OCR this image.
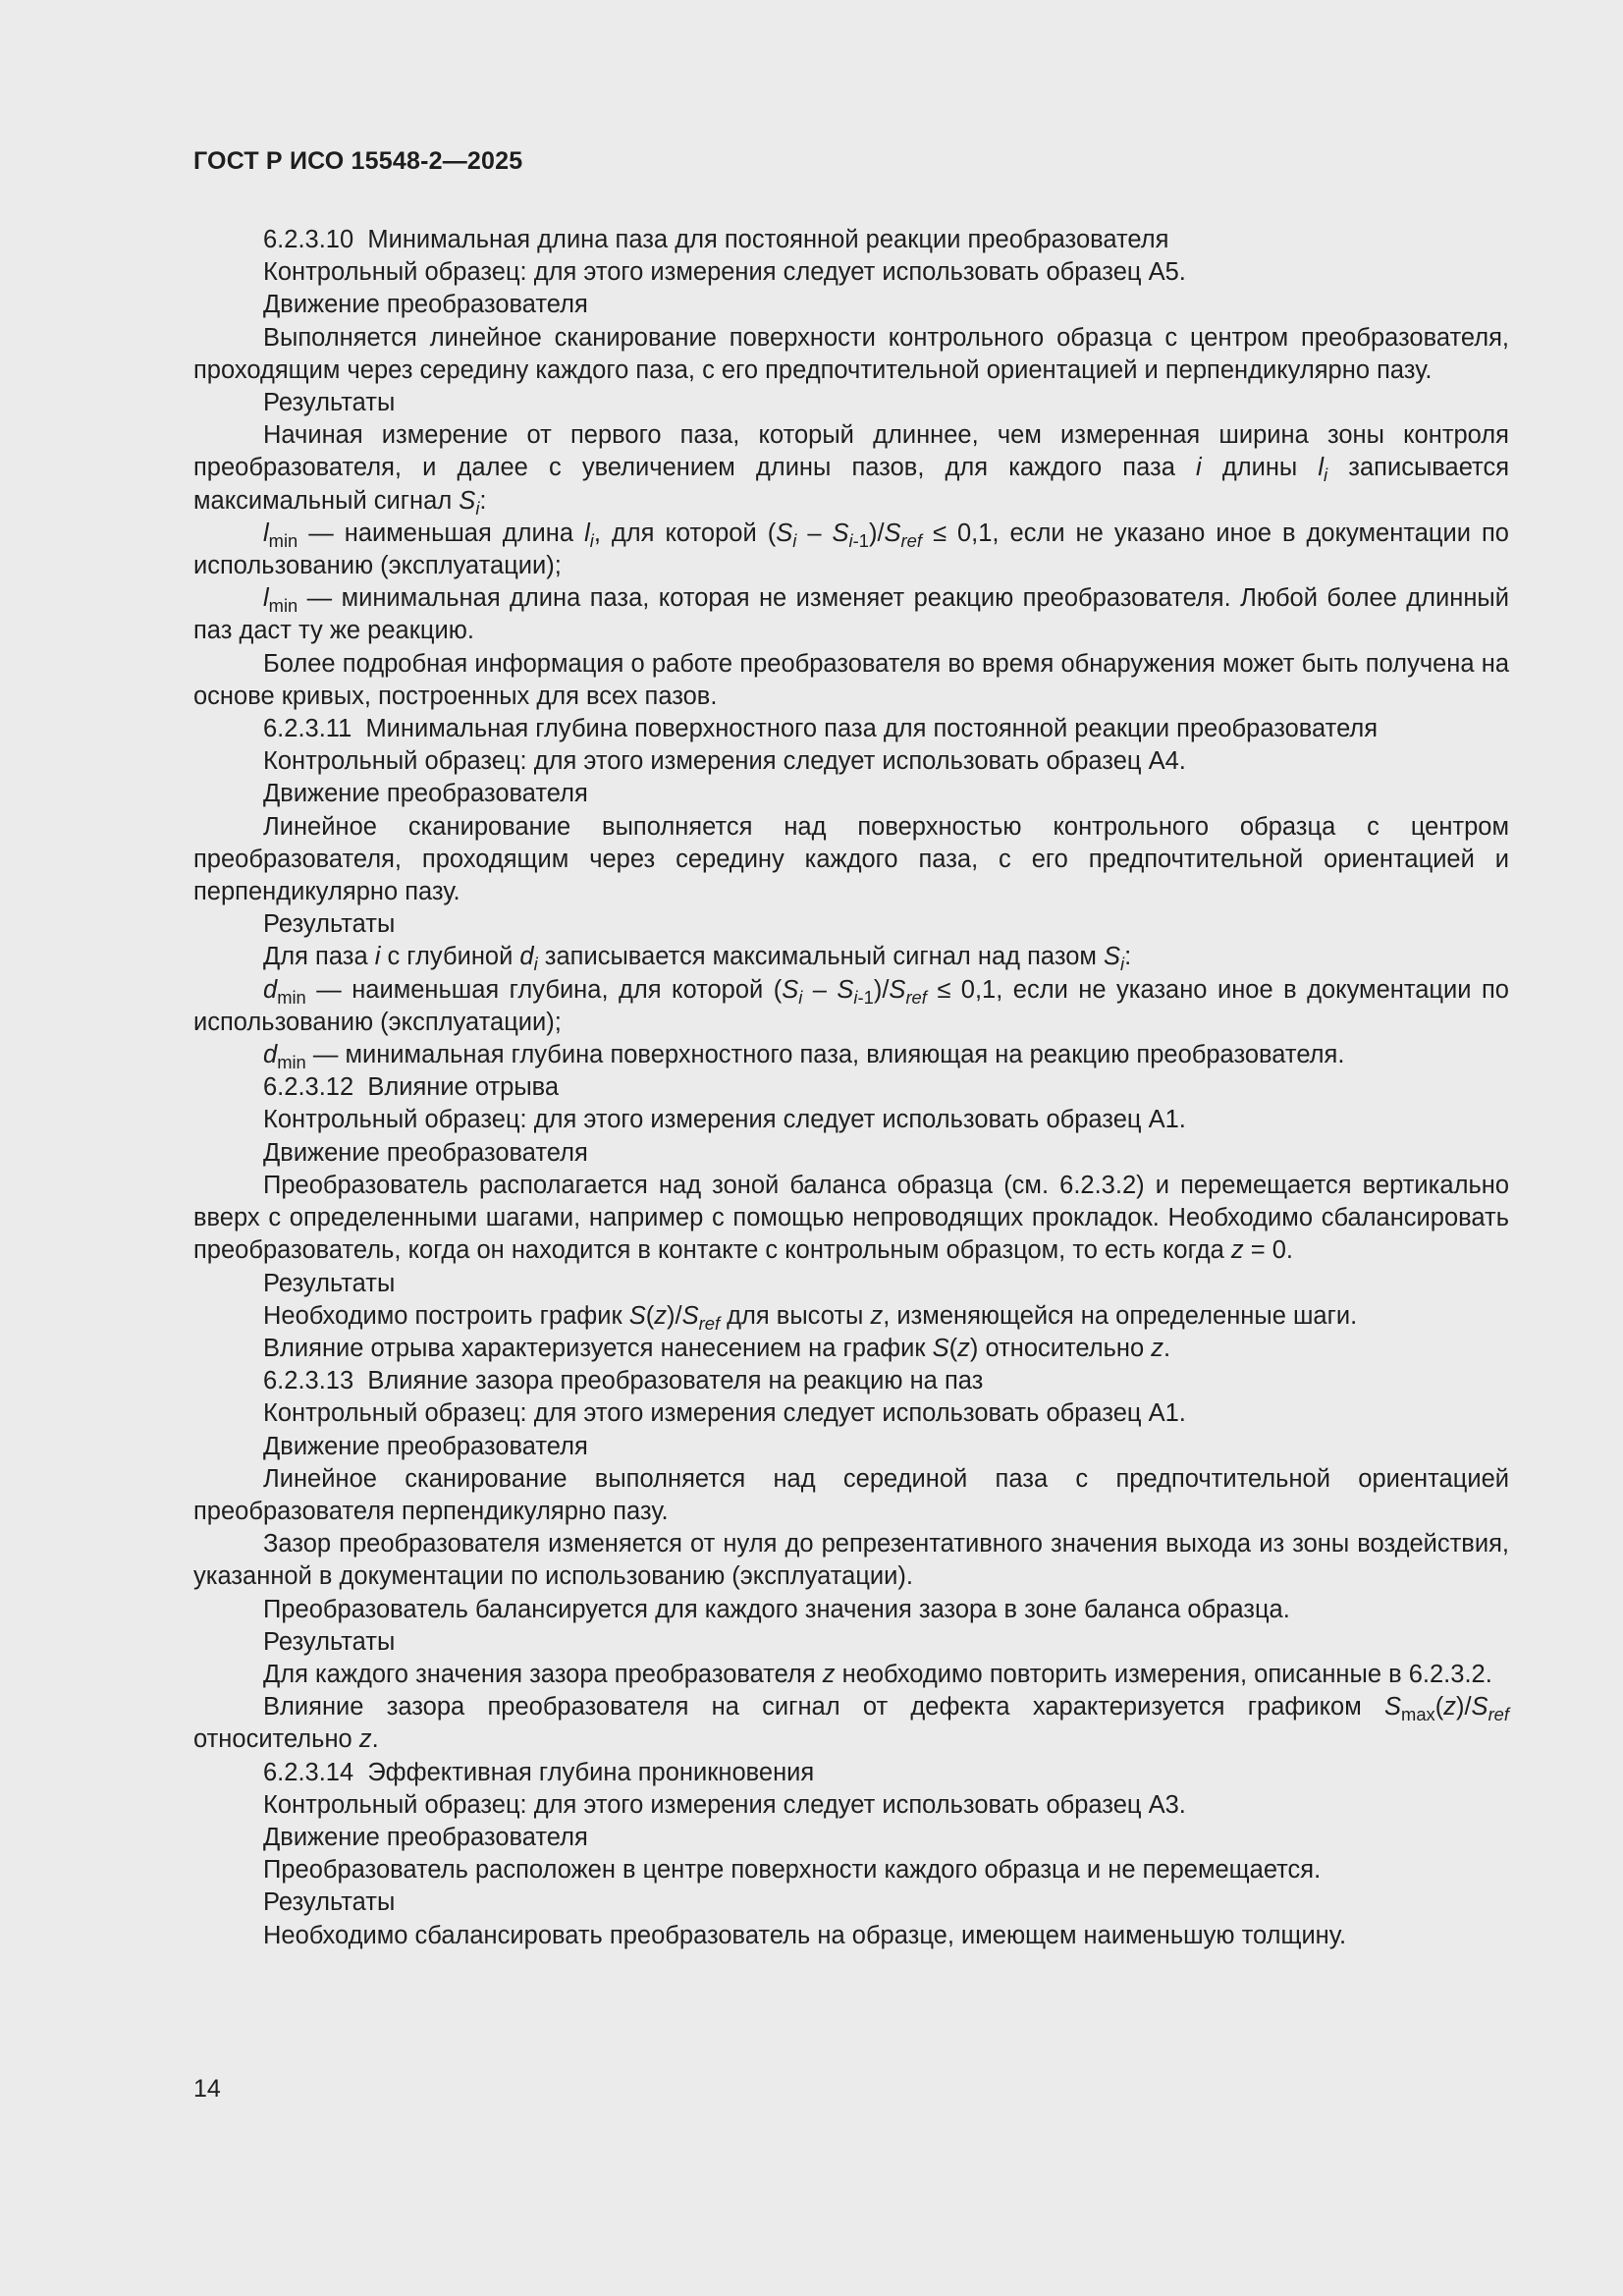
ГОСТ Р ИСО 15548-2—2025

6.2.3.10  Минимальная длина паза для постоянной реакции преобразователя

Контрольный образец: для этого измерения следует использовать образец А5.

Движение преобразователя

Выполняется линейное сканирование поверхности контрольного образца с центром преобразователя, проходящим через середину каждого паза, с его предпочтительной ориентацией и перпендикулярно пазу.

Результаты

Начиная измерение от первого паза, который длиннее, чем измеренная ширина зоны контроля преобразователя, и далее с увеличением длины пазов, для каждого паза i длины $l_i$ записывается максимальный сигнал $S_i$:

$l_{min}$ — наименьшая длина $l_i$, для которой $(S_i - S_{i-1})/S_{ref} \le 0,1$, если не указано иное в документации по использованию (эксплуатации);

$l_{min}$ — минимальная длина паза, которая не изменяет реакцию преобразователя. Любой более длинный паз даст ту же реакцию.

Более подробная информация о работе преобразователя во время обнаружения может быть получена на основе кривых, построенных для всех пазов.

6.2.3.11  Минимальная глубина поверхностного паза для постоянной реакции преобразователя

Контрольный образец: для этого измерения следует использовать образец А4.

Движение преобразователя

Линейное сканирование выполняется над поверхностью контрольного образца с центром преобразователя, проходящим через середину каждого паза, с его предпочтительной ориентацией и перпендикулярно пазу.

Результаты

Для паза i с глубиной $d_i$ записывается максимальный сигнал над пазом $S_i$:

$d_{min}$ — наименьшая глубина, для которой $(S_i - S_{i-1})/S_{ref} \le 0,1$, если не указано иное в документации по использованию (эксплуатации);

$d_{min}$ — минимальная глубина поверхностного паза, влияющая на реакцию преобразователя.

6.2.3.12  Влияние отрыва

Контрольный образец: для этого измерения следует использовать образец А1.

Движение преобразователя

Преобразователь располагается над зоной баланса образца (см. 6.2.3.2) и перемещается вертикально вверх с определенными шагами, например с помощью непроводящих прокладок. Необходимо сбалансировать преобразователь, когда он находится в контакте с контрольным образцом, то есть когда z = 0.

Результаты

Необходимо построить график $S(z)/S_{ref}$ для высоты z, изменяющейся на определенные шаги.

Влияние отрыва характеризуется нанесением на график S(z) относительно z.

6.2.3.13  Влияние зазора преобразователя на реакцию на паз

Контрольный образец: для этого измерения следует использовать образец А1.

Движение преобразователя

Линейное сканирование выполняется над серединой паза с предпочтительной ориентацией преобразователя перпендикулярно пазу.

Зазор преобразователя изменяется от нуля до репрезентативного значения выхода из зоны воздействия, указанной в документации по использованию (эксплуатации).

Преобразователь балансируется для каждого значения зазора в зоне баланса образца.

Результаты

Для каждого значения зазора преобразователя z необходимо повторить измерения, описанные в 6.2.3.2.

Влияние зазора преобразователя на сигнал от дефекта характеризуется графиком $S_{max}(z)/S_{ref}$ относительно z.

6.2.3.14  Эффективная глубина проникновения

Контрольный образец: для этого измерения следует использовать образец А3.

Движение преобразователя

Преобразователь расположен в центре поверхности каждого образца и не перемещается.

Результаты

Необходимо сбалансировать преобразователь на образце, имеющем наименьшую толщину.

14
